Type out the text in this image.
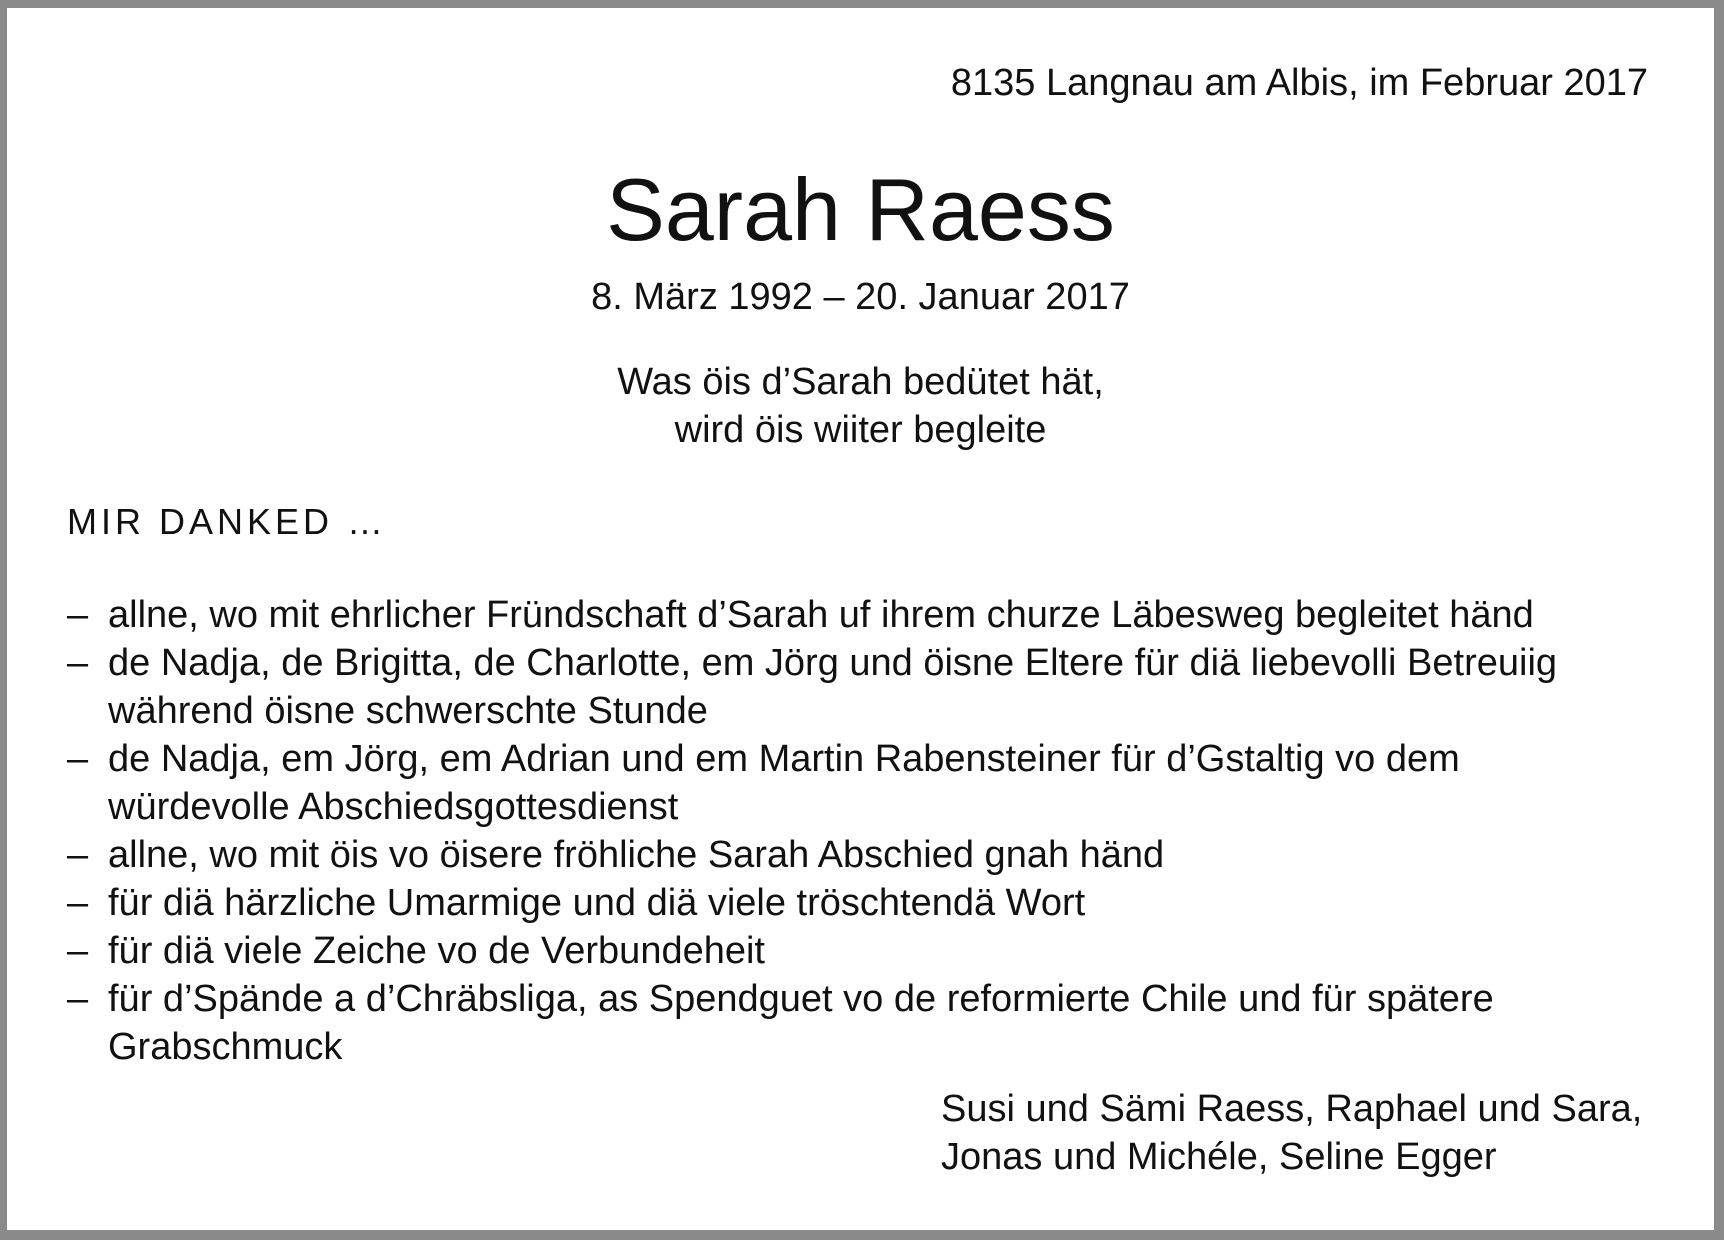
8135 Langnau am Albis, im Februar 2017
Sarah Raess
8. März 1992 – 20. Januar 2017
Was öis d’Sarah bedütet hät,
wird öis wiiter begleite
MIR DANKED …
– allne, wo mit ehrlicher Fründschaft d’Sarah uf ihrem churze Läbesweg begleitet händ
– de Nadja, de Brigitta, de Charlotte, em Jörg und öisne Eltere für diä liebevolli Betreuiig
während öisne schwerschte Stunde
– de Nadja, em Jörg, em Adrian und em Martin Rabensteiner für d’Gstaltig vo dem
würdevolle Abschiedsgottesdienst
– allne, wo mit öis vo öisere fröhliche Sarah Abschied gnah händ
– für diä härzliche Umarmige und diä viele tröschtendä Wort
– für diä viele Zeiche vo de Verbundeheit
– für d’Spände a d’Chräbsliga, as Spendguet vo de reformierte Chile und für spätere
Grabschmuck
Susi und Sämi Raess, Raphael und Sara,
Jonas und Michéle, Seline Egger
